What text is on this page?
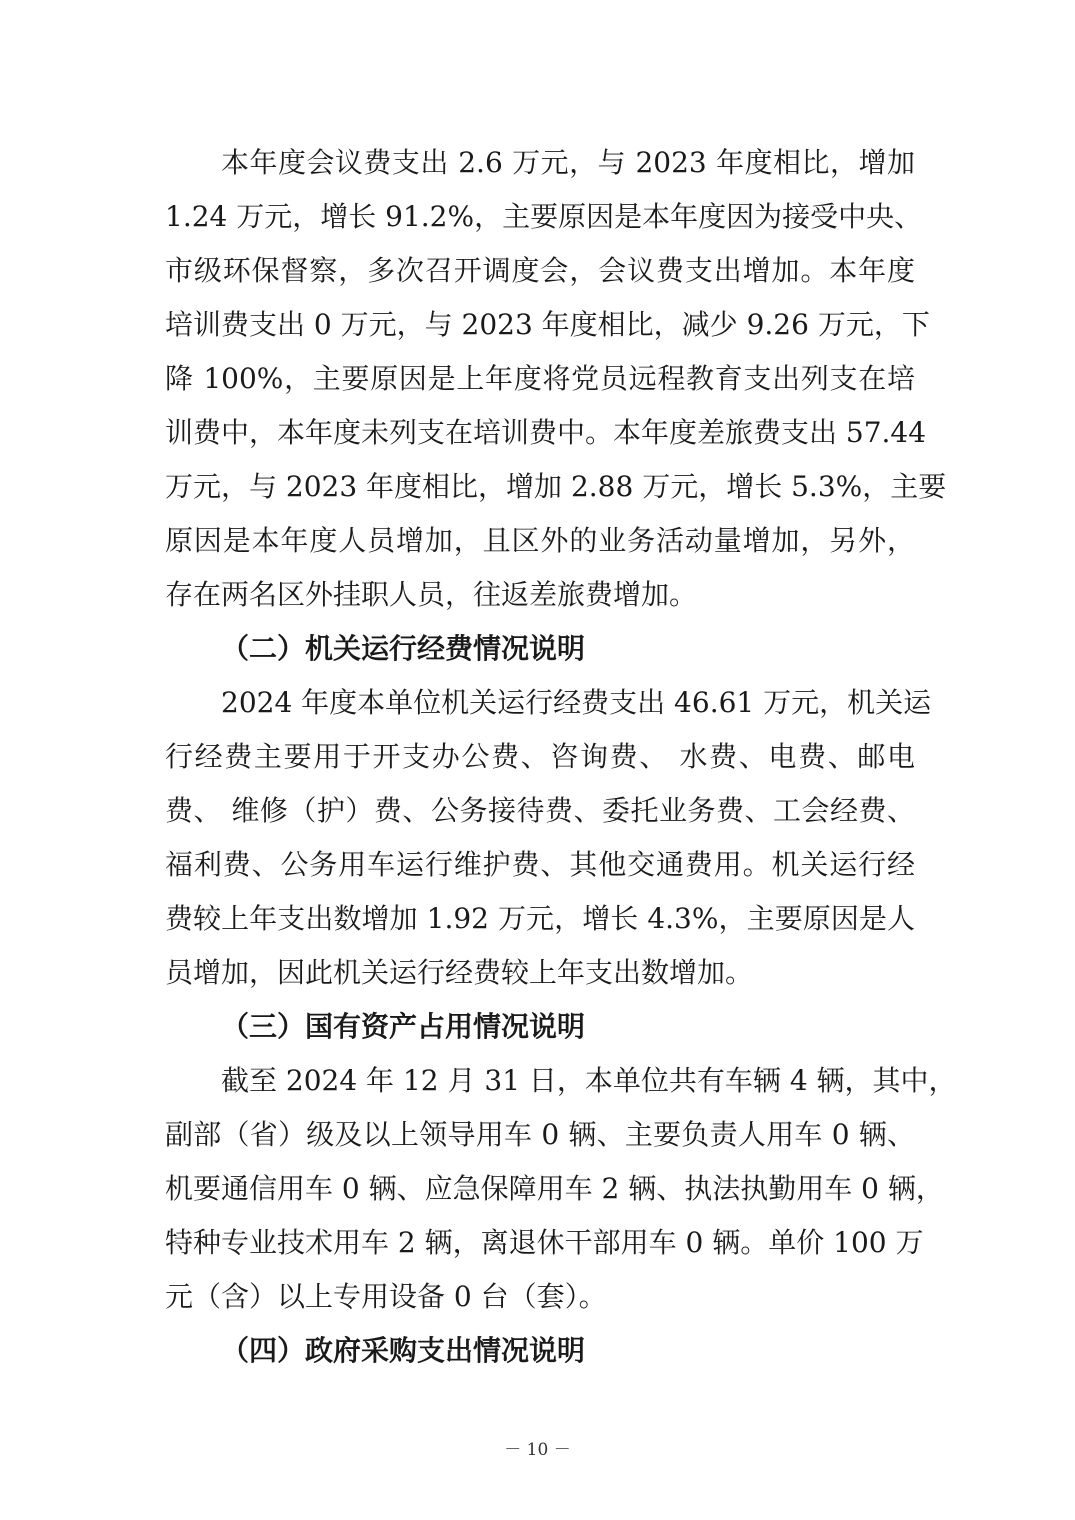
本年度会议费支出 2.6 万元，与 2023 年度相比，增加
1.24 万元，增长 91.2%，主要原因是本年度因为接受中央、
市级环保督察，多次召开调度会，会议费支出增加。本年度
培训费支出 0 万元，与 2023 年度相比，减少 9.26 万元，下
降 100%，主要原因是上年度将党员远程教育支出列支在培
训费中，本年度未列支在培训费中。本年度差旅费支出 57.44
万元，与 2023 年度相比，增加 2.88 万元，增长 5.3%，主要
原因是本年度人员增加，且区外的业务活动量增加，另外，
存在两名区外挂职人员，往返差旅费增加。
（二）机关运行经费情况说明
2024 年度本单位机关运行经费支出 46.61 万元，机关运
行经费主要用于开支办公费、咨询费、 水费、电费、邮电
费、 维修（护）费、公务接待费、委托业务费、工会经费、
福利费、公务用车运行维护费、其他交通费用。机关运行经
费较上年支出数增加 1.92 万元，增长 4.3%，主要原因是人
员增加，因此机关运行经费较上年支出数增加。
（三）国有资产占用情况说明
截至 2024 年 12 月 31 日，本单位共有车辆 4 辆，其中，
副部（省）级及以上领导用车 0 辆、主要负责人用车 0 辆、
机要通信用车 0 辆、应急保障用车 2 辆、执法执勤用车 0 辆，
特种专业技术用车 2 辆，离退休干部用车 0 辆。单价 100 万
元（含）以上专用设备 0 台（套）。
（四）政府采购支出情况说明
－ 10 －
